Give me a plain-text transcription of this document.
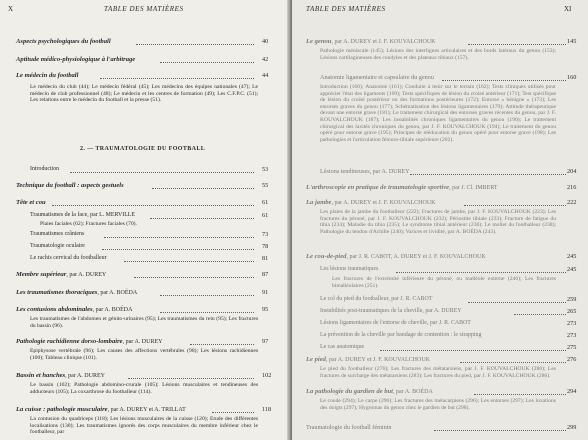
X	TABLE DES MATIÈRES
Aspects psychologiques du football	40
Aptitude médico-physiologique à l'arbitrage	42
Le médecin du football	44
Le médecin du club (44); Le médecin fédéral (45); Les médecins des équipes nationales (47); Le médecin de club professionnel (48); Le médecin et les centres de formation (49); Les C.F.P.C. (51); Les relations entre le médecin du football et la presse (51).
2. — TRAUMATOLOGIE DU FOOTBALL
Introduction	53
Technique du football : aspects gestuels	55
Tête et cou	61
Traumatismes de la face, par L. MERVILLE	61
Plaies faciales (62); Fractures faciales (70).
Traumatismes crâniens	73
Traumatologie oculaire	78
Le rachis cervical du footballeur	81
Membre supérieur, par A. DUREY	87
Les traumatismes thoraciques, par A. BOÉDA	91
Les contusions abdominales, par A. BOÉDA	95
Les traumatismes de l'abdomen et génito-urinaires (95); Les traumatismes du rein (95); Les fractures du bassin (96).
Pathologie rachidienne dorso-lombaire, par A. DUREY	97
Epiphysose vertébrale (96); Les causes des affections vertébrales (98); Les lésions rachidiennes (100); Tableau clinique (101).
Bassin et hanches, par A. DUREY	102
Le bassin (102); Pathologie abdomino-crurale (105); Lésions musculaires et tendineuses des adducteurs (105); La coxarthrose du footballeur (114).
La cuisse : pathologie musculaire, par A. DUREY et A. TRILLAT	118
La contusion du quadriceps (118); Les lésions musculaires de la cuisse (120); Etude des différentes localisations (130); Les traumatismes ignorés des corps musculaires du membre inférieur chez le footballeur, par
TABLE DES MATIÈRES	XI
Le genou, par A. DUREY et J. F. KOUVALCHOUK	145
Pathologie méniscale (145); Lésions des interlignes articulaires et des bords latéraux du genou (153); Lésions cartilagineuses des condyles et des plateaux tibiaux (157).
Anatomie ligamentaire et capsulaire du genou	160
Introduction (160); Anatomie (161); Conduite à tenir sur le terrain (162); Tests cliniques utilisés pour apprécier l'état des ligaments (169); Tests spécifiques de lésion du croisé antérieur (171); Test spécifique de lésion du croisé postérieur ou des formations postérieures (172); Entorse « bénigne » (173); Les entorses graves du genou (177); Schématisation des lésions ligamentaires (179); Attitude thérapeutique devant une entorse grave (181); Le traitement chirurgical des entorses graves récentes du genou, par J. F. KOUVALCHOUK (187); Les instabilités chroniques ligamentaires du genou (190); Le traitement chirurgical des laxités chroniques du genou, par J. F. KOUVALCHOUK (194); Le traitement du genou opéré pour entorse grave (195); Principes de rééducation du genou opéré pour entorse grave (198); Les pathologies et l'articulation fémoro-tibiale supérieure (202).
Lésions tendineuses, par A. DUREY	204
L'arthroscopie en pratique de traumatologie sportive, par J. Cl. IMBERT	216
La jambe, par A. DUREY et J. F. KOUVALCHOUK	222
Les plaies de la jambe du footballeur (222); Fractures de jambe, par J. F. KOUVALCHOUK (223); Les fractures du péroné, par J. F. KOUVALCHOUK (232); Périostite tibiale (233); Fracture de fatigue du tibia (234); Maladie du tibia (235); Le syndrome tibial antérieur (236); Le mollet du footballeur (238); Pathologie du tendon d'Achille (240); Varices et lividité, par A. BOÉDA (243).
Le cou-de-pied, par J. R. CABOT, A. DUREY et J. F. KOUVALCHOUK	245
Les lésions traumatiques	245
Les fractures de l'extrémité inférieure du péroné, ou malléole externe (246); Les fractures bimalléolaires (251).
Le col du pied du footballeur, par J. R. CABOT	259
Instabilités post-traumatiques de la cheville, par A. DUREY	265
Lésions ligamentaires de l'entorse de cheville, par J. R. CABOT	273
La prévention de la cheville par bandage de contention : le strapping	273
Le cas anatomique	275
Le pied, par A. DUREY et J. F. KOUVALCHOUK	276
Le pied du footballeur (276); Les fractures des métatarsiens, par J. F. KOUVALCHOUK (280); Les fractures de surcharge des métatarsiens (283); Les fractures du pied, par J. F. KOUVALCHOUK (286).
La pathologie du gardien de but, par A. BOÉDA	294
Le coude (294); Le carpe (296); Les fractures des métacarpiens (296); Les entorses (297); Les luxations des doigts (297); Hygromas du genou chez le gardien de but (298).
Traumatologie du football féminin	299
